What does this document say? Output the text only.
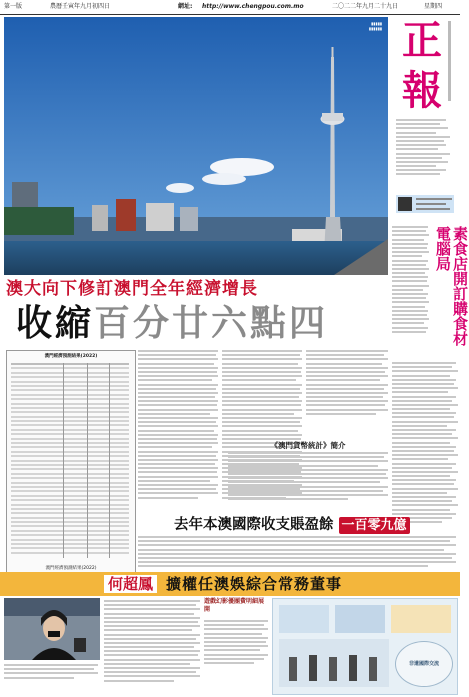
第一版	農曆壬寅年九月初四日	網址: http://www.chengpou.com.mo	二〇二二年九月二十九日	星期四
▮▮▮▮▮
▮▮▮▮▮▮ 正
報
素食店開訂購食材電腦局
澳大向下修訂澳門全年經濟增長
收縮百分廿六點四
澳門經濟預測結果(2022)
澳門經濟預測結果(2022)
《澳門貨幣統計》簡介
去年本澳國際收支賬盈餘 一百零九億
何超鳳 擴權任澳娛綜合常務董事
遊戲幻影優團費明細展開
非遺國際交流
